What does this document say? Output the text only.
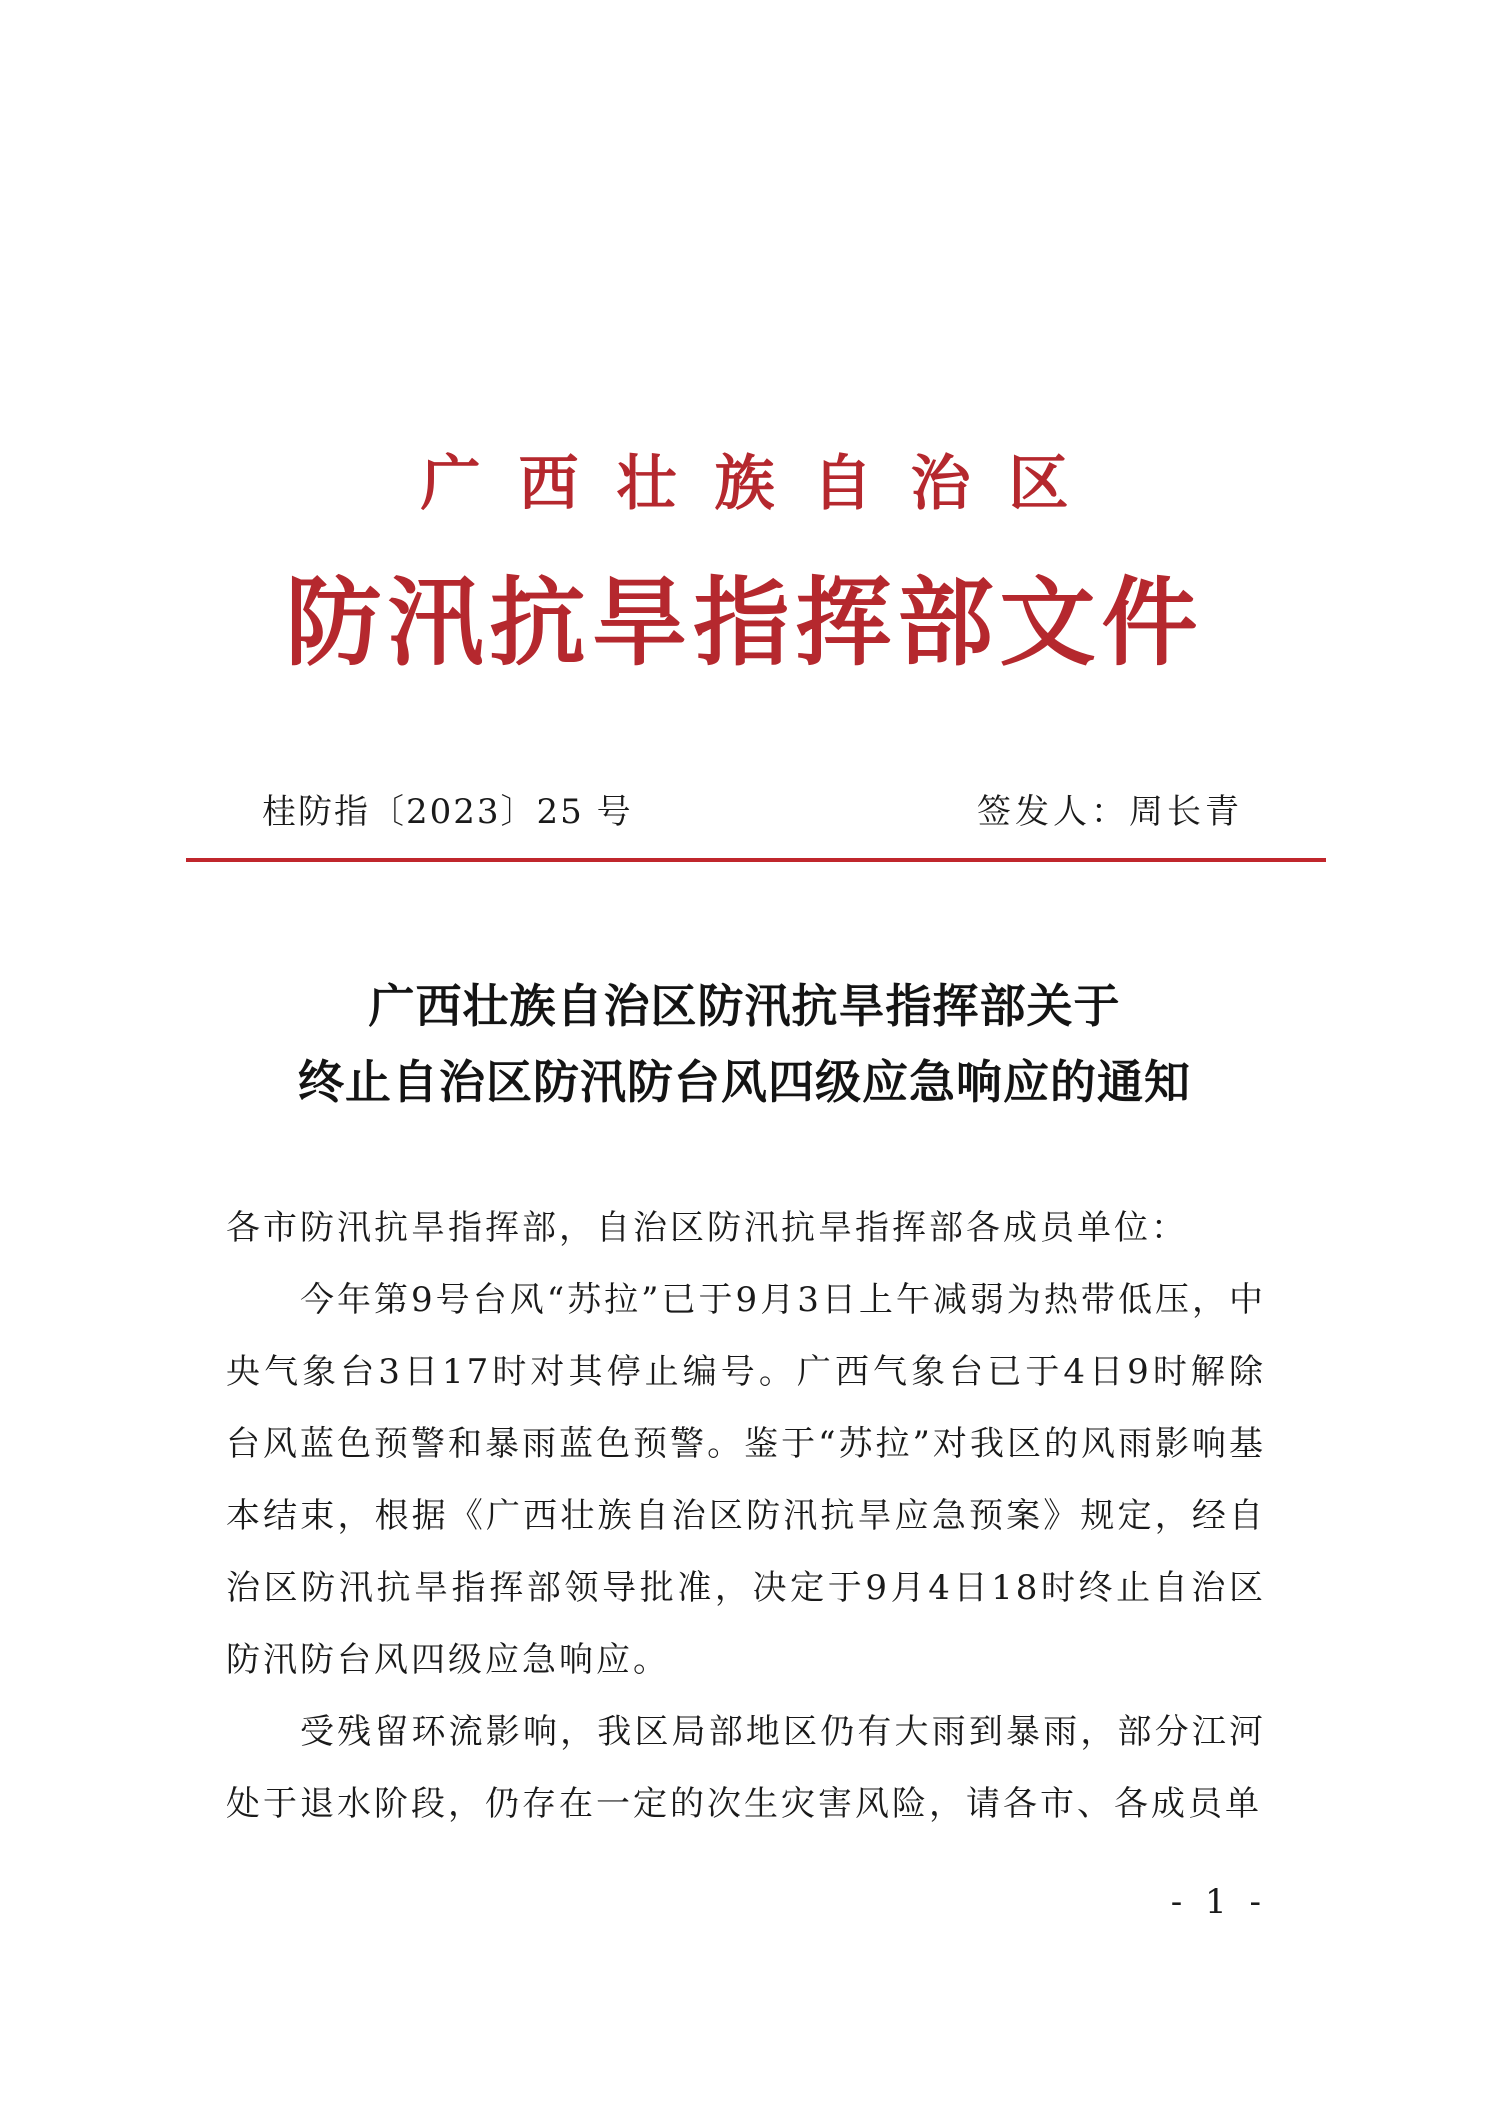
广西壮族自治区
防汛抗旱指挥部文件
桂防指〔2023〕25 号	签发人：周长青
广西壮族自治区防汛抗旱指挥部关于
终止自治区防汛防台风四级应急响应的通知

各市防汛抗旱指挥部，自治区防汛抗旱指挥部各成员单位：

今年第9号台风“苏拉”已于9月3日上午减弱为热带低压，中央气象台3日17时对其停止编号。广西气象台已于4日9时解除台风蓝色预警和暴雨蓝色预警。鉴于“苏拉”对我区的风雨影响基本结束，根据《广西壮族自治区防汛抗旱应急预案》规定，经自治区防汛抗旱指挥部领导批准，决定于9月4日18时终止自治区防汛防台风四级应急响应。

受残留环流影响，我区局部地区仍有大雨到暴雨，部分江河处于退水阶段，仍存在一定的次生灾害风险，请各市、各成员单

- 1 -
